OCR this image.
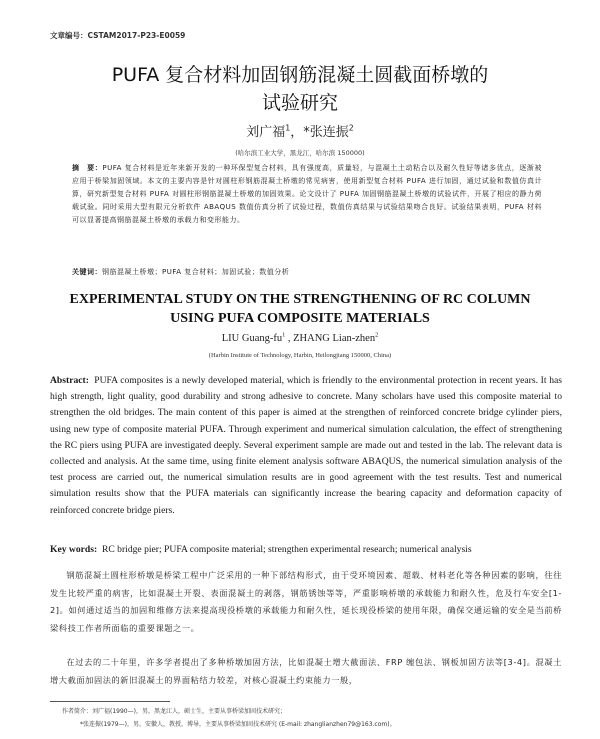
文章编号：CSTAM2017-P23-E0059
PUFA 复合材料加固钢筋混凝土圆截面桥墩的
试验研究
刘广福$^1$，*张连振$^2$
(哈尔滨工业大学，黑龙江，哈尔滨 150000)
摘　要：PUFA 复合材料是近年来新开发的一种环保型复合材料，具有强度高，质量轻，与混凝土土动粘合以及耐久性好等诸多优点，逐渐被应用于桥梁加固领域。本文的主要内容是针对圆柱形钢筋混凝土桥墩的常见病害，使用新型复合材料 PUFA 进行加固，通过试验和数值仿真计算，研究新型复合材料 PUFA 对圆柱形钢筋混凝土桥墩的加固效果。论文设计了 PUFA 加固钢筋混凝土桥墩的试验试件，开展了相应的静力荷载试验。同时采用大型有限元分析软件 ABAQUS 数值仿真分析了试验过程，数值仿真结果与试验结果吻合良好。试验结果表明，PUFA 材料可以显著提高钢筋混凝土桥墩的承载力和变形能力。
关键词：钢筋混凝土桥墩；PUFA 复合材料；加固试验；数值分析
EXPERIMENTAL STUDY ON THE STRENGTHENING OF RC COLUMN
USING PUFA COMPOSITE MATERIALS
LIU Guang-$fu^1$ , ZHANG Lian-zhen$^2$
(Harbin Institute of Technology, Harbin, Heilongjiang 150000, China)
Abstract: PUFA composites is a newly developed material, which is friendly to the environmental protection in recent years. It has high strength, light quality, good durability and strong adhesive to concrete. Many scholars have used this composite material to strengthen the old bridges. The main content of this paper is aimed at the strengthen of reinforced concrete bridge cylinder piers, using new type of composite material PUFA. Through experiment and numerical simulation calculation, the effect of strengthening the RC piers using PUFA are investigated deeply. Several experiment sample are made out and tested in the lab. The relevant data is collected and analysis. At the same time, using finite element analysis software ABAQUS, the numerical simulation analysis of the test process are carried out, the numerical simulation results are in good agreement with the test results. Test and numerical simulation results show that the PUFA materials can significantly increase the bearing capacity and deformation capacity of reinforced concrete bridge piers.
Key words: RC bridge pier; PUFA composite material; strengthen experimental research; numerical analysis
钢筋混凝土圆柱形桥墩是桥梁工程中广泛采用的一种下部结构形式，由于受环境因素、超载、材料老化等各种因素的影响，往往发生比较严重的病害，比如混凝土开裂、表面混凝土的剥落，钢筋锈蚀等等，严重影响桥墩的承载能力和耐久性，危及行车安全[1-2]。如何通过适当的加固和维修方法来提高现役桥墩的承载能力和耐久性，延长现役桥梁的使用年限，确保交通运输的安全是当前桥梁科技工作者所面临的重要课题之一。
在过去的二十年里，许多学者提出了多种桥墩加固方法，比如混凝土增大截面法、FRP 缠包法、钢板加固方法等[3-4]。混凝土增大截面加固法的新旧混凝土的界面粘结力较差，对核心混凝土约束能力一般，
作者简介：刘广福(1990—)，男，黑龙江人，硕士生，主要从事桥梁加固技术研究；
*张连振(1979—)，男，安徽人，教授，博导，主要从事桥梁加固技术研究 (E-mail: zhanglianzhen79@163.com)。
